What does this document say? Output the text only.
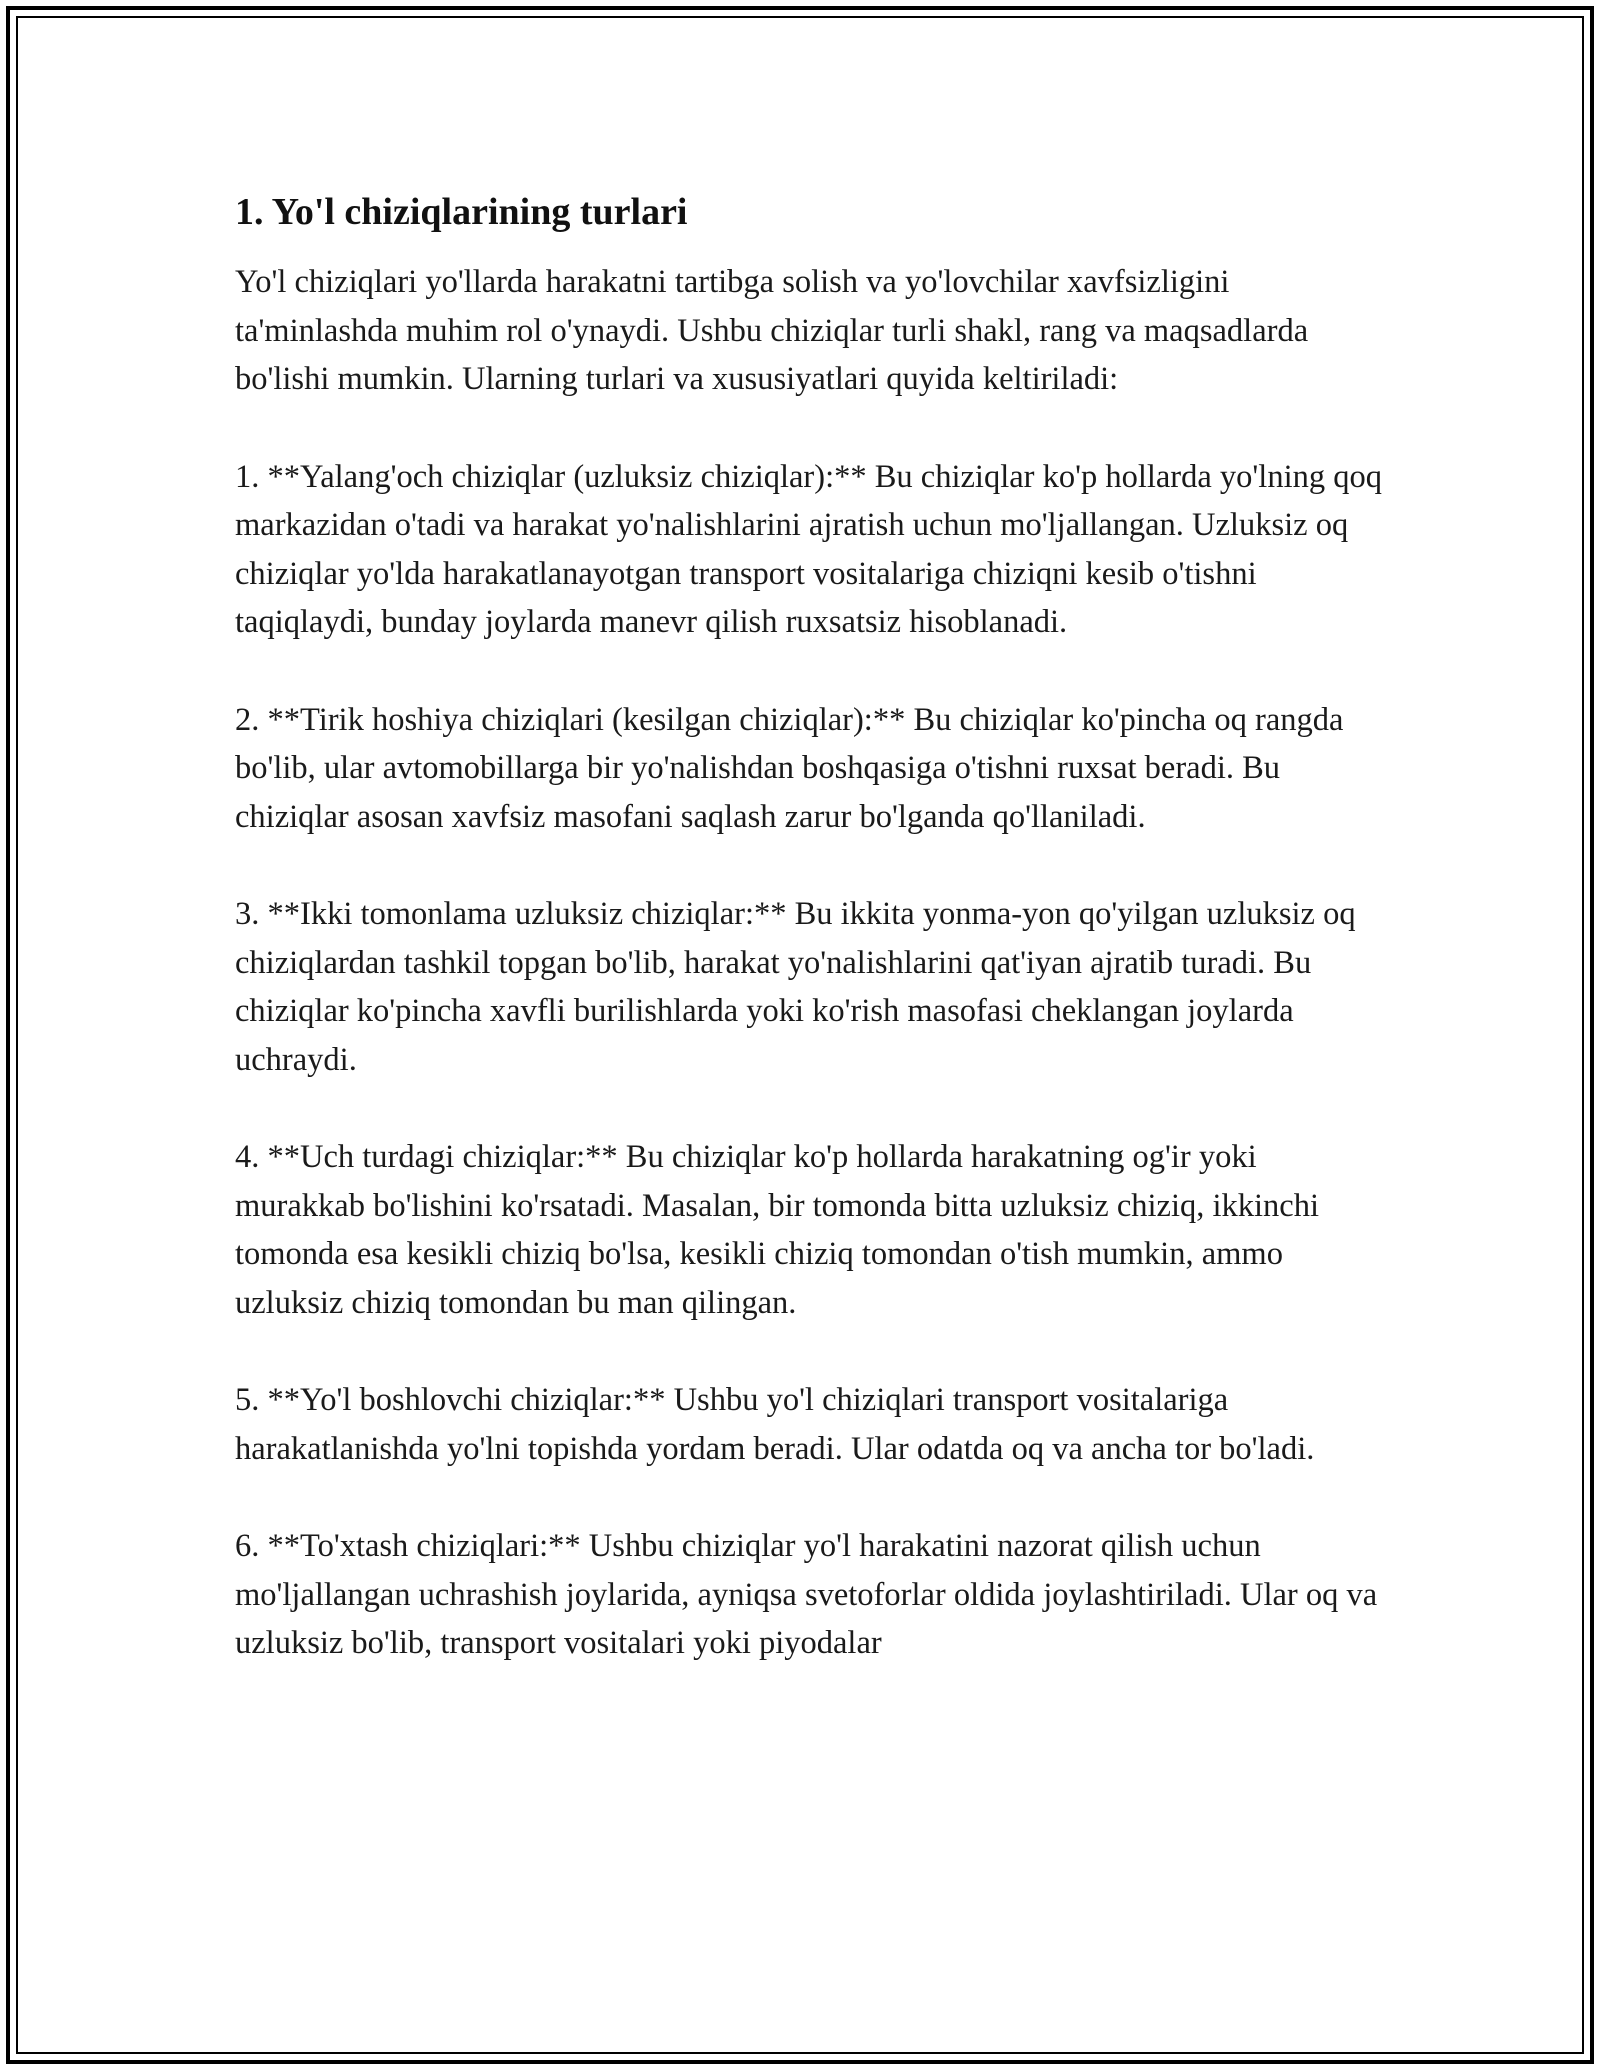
1. Yo'l chiziqlarining turlari

Yo'l chiziqlari yo'llarda harakatni tartibga solish va yo'lovchilar xavfsizligini ta'minlashda muhim rol o'ynaydi. Ushbu chiziqlar turli shakl, rang va maqsadlarda bo'lishi mumkin. Ularning turlari va xususiyatlari quyida keltiriladi:

1. **Yalang'och chiziqlar (uzluksiz chiziqlar):** Bu chiziqlar ko'p hollarda yo'lning qoq markazidan o'tadi va harakat yo'nalishlarini ajratish uchun mo'ljallangan. Uzluksiz oq chiziqlar yo'lda harakatlanayotgan transport vositalariga chiziqni kesib o'tishni taqiqlaydi, bunday joylarda manevr qilish ruxsatsiz hisoblanadi.

2. **Tirik hoshiya chiziqlari (kesilgan chiziqlar):** Bu chiziqlar ko'pincha oq rangda bo'lib, ular avtomobillarga bir yo'nalishdan boshqasiga o'tishni ruxsat beradi. Bu chiziqlar asosan xavfsiz masofani saqlash zarur bo'lganda qo'llaniladi.

3. **Ikki tomonlama uzluksiz chiziqlar:** Bu ikkita yonma-yon qo'yilgan uzluksiz oq chiziqlardan tashkil topgan bo'lib, harakat yo'nalishlarini qat'iyan ajratib turadi. Bu chiziqlar ko'pincha xavfli burilishlarda yoki ko'rish masofasi cheklangan joylarda uchraydi.

4. **Uch turdagi chiziqlar:** Bu chiziqlar ko'p hollarda harakatning og'ir yoki murakkab bo'lishini ko'rsatadi. Masalan, bir tomonda bitta uzluksiz chiziq, ikkinchi tomonda esa kesikli chiziq bo'lsa, kesikli chiziq tomondan o'tish mumkin, ammo uzluksiz chiziq tomondan bu man qilingan.

5. **Yo'l boshlovchi chiziqlar:** Ushbu yo'l chiziqlari transport vositalariga harakatlanishda yo'lni topishda yordam beradi. Ular odatda oq va ancha tor bo'ladi.

6. **To'xtash chiziqlari:** Ushbu chiziqlar yo'l harakatini nazorat qilish uchun mo'ljallangan uchrashish joylarida, ayniqsa svetoforlar oldida joylashtiriladi. Ular oq va uzluksiz bo'lib, transport vositalari yoki piyodalar
